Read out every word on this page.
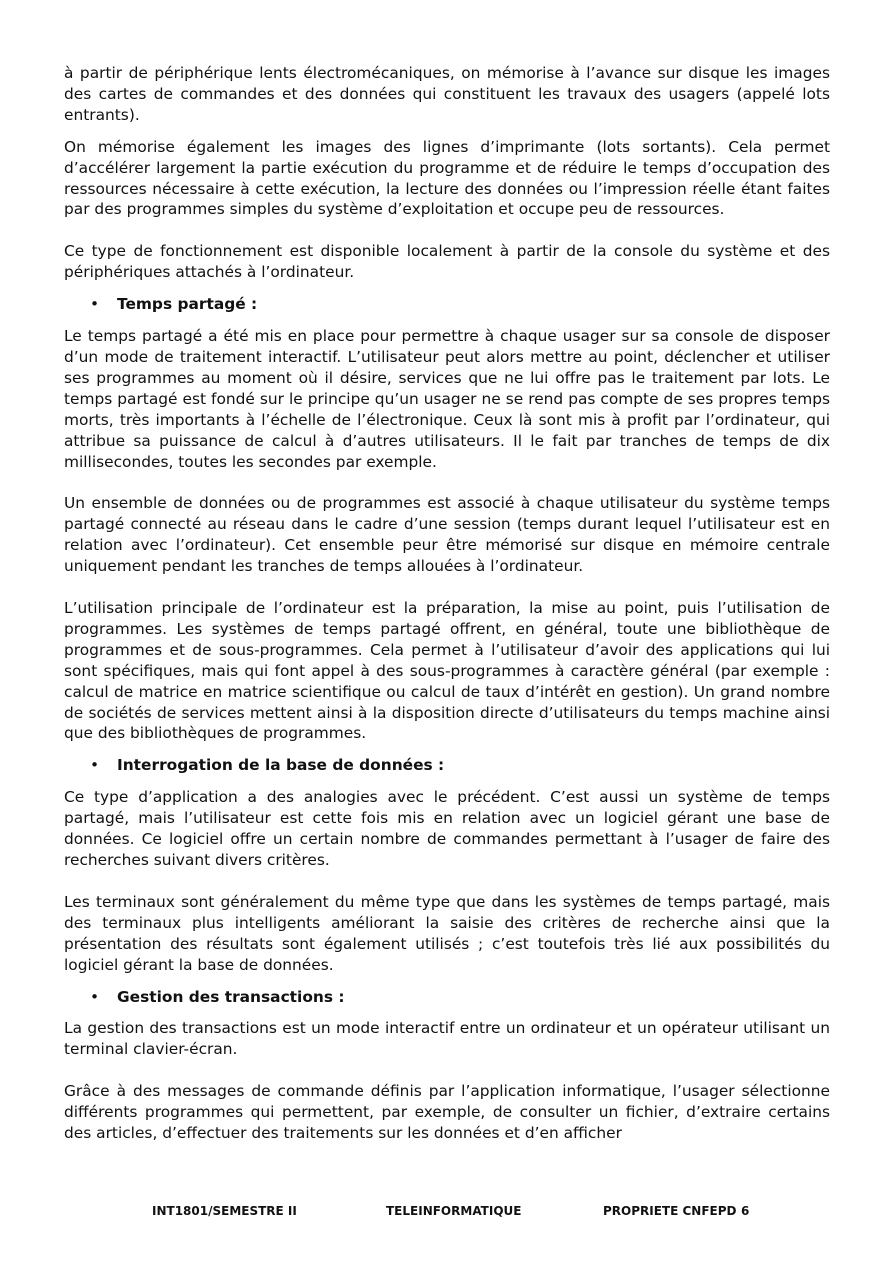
à partir de périphérique lents électromécaniques, on mémorise à l’avance sur disque les images des cartes de commandes et des données qui constituent les travaux des usagers (appelé lots entrants).

On mémorise également les images des lignes d’imprimante (lots sortants). Cela permet d’accélérer largement la partie exécution du programme et de réduire le temps d’occupation des ressources nécessaire à cette exécution, la lecture des données ou l’impression réelle étant faites par des programmes simples du système d’exploitation et occupe peu de ressources.

Ce type de fonctionnement est disponible localement à partir de la console du système et des périphériques attachés à l’ordinateur.

•	Temps partagé :

Le temps partagé a été mis en place pour permettre à chaque usager sur sa console de disposer d’un mode de traitement interactif. L’utilisateur peut alors mettre au point, déclencher et utiliser ses programmes au moment où il désire, services que ne lui offre pas le traitement par lots. Le temps partagé est fondé sur le principe qu’un usager ne se rend pas compte de ses propres temps morts, très importants à l’échelle de l’électronique. Ceux là sont mis à profit par l’ordinateur, qui attribue sa puissance de calcul à d’autres utilisateurs. Il le fait par tranches de temps de dix millisecondes, toutes les secondes par exemple.

Un ensemble de données ou de programmes est associé à chaque utilisateur du système temps partagé connecté au réseau dans le cadre d’une session (temps durant lequel l’utilisateur est en relation avec l’ordinateur). Cet ensemble peur être mémorisé sur disque en mémoire centrale uniquement pendant les tranches de temps allouées à l’ordinateur.

L’utilisation principale de l’ordinateur est la préparation, la mise au point, puis l’utilisation de programmes. Les systèmes de temps partagé offrent, en général, toute une bibliothèque de programmes et de sous-programmes. Cela permet à l’utilisateur d’avoir des applications qui lui sont spécifiques, mais qui font appel à des sous-programmes à caractère général (par exemple : calcul de matrice en matrice scientifique ou calcul de taux d’intérêt en gestion). Un grand nombre de sociétés de services mettent ainsi à la disposition directe d’utilisateurs du temps machine ainsi que des bibliothèques de programmes.

•	Interrogation de la base de données :

Ce type d’application a des analogies avec le précédent. C’est aussi un système de temps partagé, mais l’utilisateur est cette fois mis en relation avec un logiciel gérant une base de données. Ce logiciel offre un certain nombre de commandes permettant à l’usager de faire des recherches suivant divers critères.

Les terminaux sont généralement du même type que dans les systèmes de temps partagé, mais des terminaux plus intelligents améliorant la saisie des critères de recherche ainsi que la présentation des résultats sont également utilisés ; c’est toutefois très lié aux possibilités du logiciel gérant la base de données.

•	Gestion des transactions :

La gestion des transactions est un mode interactif entre un ordinateur et un opérateur utilisant un terminal clavier-écran.

Grâce à des messages de commande définis par l’application informatique, l’usager sélectionne différents programmes qui permettent, par exemple, de consulter un fichier, d’extraire certains des articles, d’effectuer des traitements sur les données et d’en afficher

INT1801/SEMESTRE II	TELEINFORMATIQUE	PROPRIETE CNFEPD 6
